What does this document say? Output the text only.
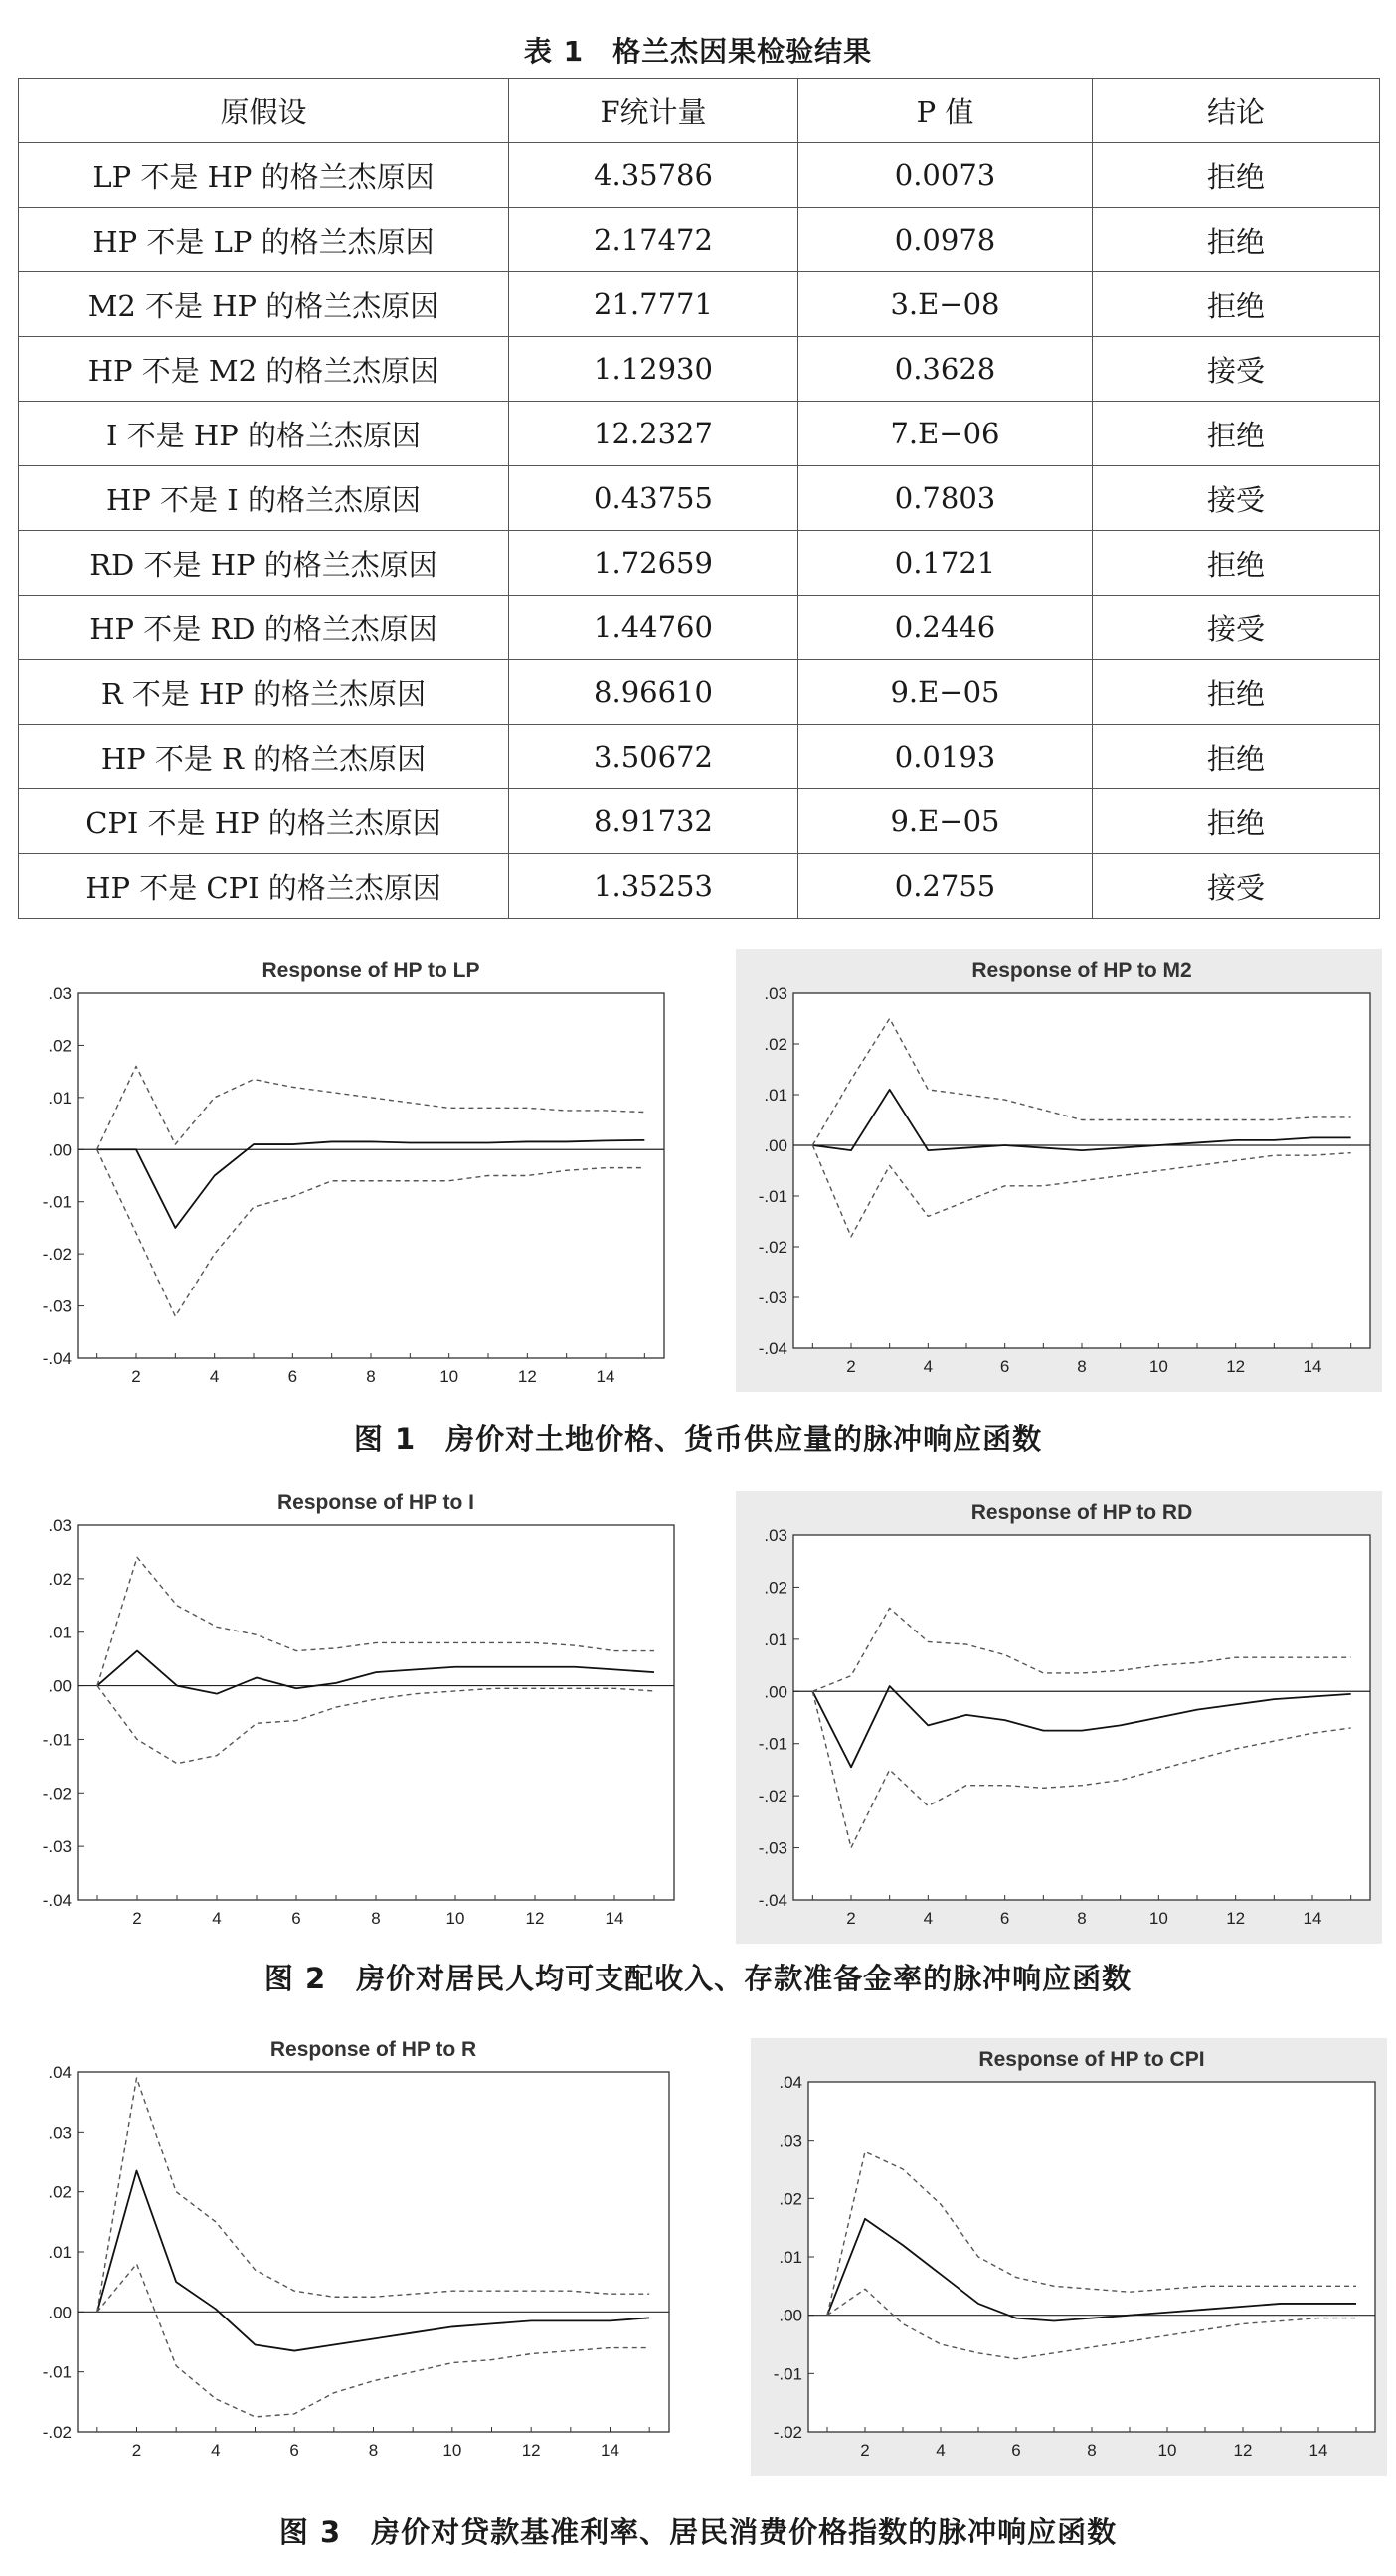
表 1　格兰杰因果检验结果
原假设	F统计量	P 值	结论
LP 不是 HP 的格兰杰原因	4.35786	0.0073	拒绝
HP 不是 LP 的格兰杰原因	2.17472	0.0978	拒绝
M2 不是 HP 的格兰杰原因	21.7771	3.E−08	拒绝
HP 不是 M2 的格兰杰原因	1.12930	0.3628	接受
I 不是 HP 的格兰杰原因	12.2327	7.E−06	拒绝
HP 不是 I 的格兰杰原因	0.43755	0.7803	接受
RD 不是 HP 的格兰杰原因	1.72659	0.1721	拒绝
HP 不是 RD 的格兰杰原因	1.44760	0.2446	接受
R 不是 HP 的格兰杰原因	8.96610	9.E−05	拒绝
HP 不是 R 的格兰杰原因	3.50672	0.0193	拒绝
CPI 不是 HP 的格兰杰原因	8.91732	9.E−05	拒绝
HP 不是 CPI 的格兰杰原因	1.35253	0.2755	接受
Response of HP to LP
.03
.02
.01
.00
-.01
-.02
-.03
-.04
2	4	6	8	10	12	14
Response of HP to M2
.03
.02
.01
.00
-.01
-.02
-.03
-.04
2	4	6	8	10	12	14
图 1　房价对土地价格、货币供应量的脉冲响应函数
Response of HP to I
.03
.02
.01
.00
-.01
-.02
-.03
-.04
2	4	6	8	10	12	14
Response of HP to RD
.03
.02
.01
.00
-.01
-.02
-.03
-.04
2	4	6	8	10	12	14
图 2　房价对居民人均可支配收入、存款准备金率的脉冲响应函数
Response of HP to R
.04
.03
.02
.01
.00
-.01
-.02
2	4	6	8	10	12	14
Response of HP to CPI
.04
.03
.02
.01
.00
-.01
-.02
2	4	6	8	10	12	14
图 3　房价对贷款基准利率、居民消费价格指数的脉冲响应函数
